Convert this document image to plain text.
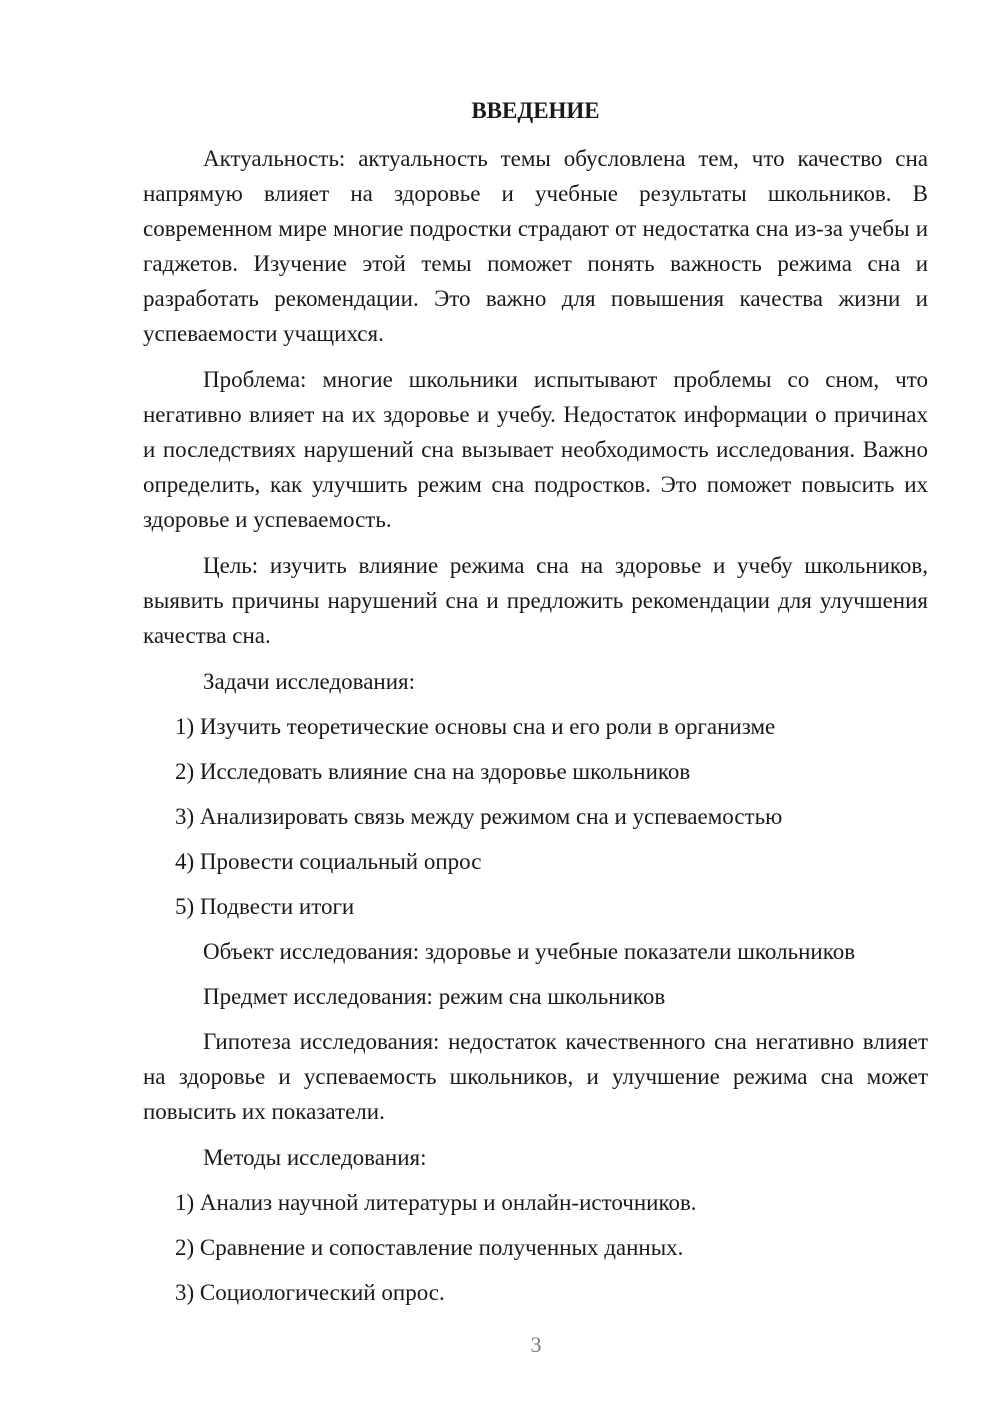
ВВЕДЕНИЕ
Актуальность: актуальность темы обусловлена тем, что качество сна напрямую влияет на здоровье и учебные результаты школьников. В современном мире многие подростки страдают от недостатка сна из-за учебы и гаджетов. Изучение этой темы поможет понять важность режима сна и разработать рекомендации. Это важно для повышения качества жизни и успеваемости учащихся.
Проблема: многие школьники испытывают проблемы со сном, что негативно влияет на их здоровье и учебу. Недостаток информации о причинах и последствиях нарушений сна вызывает необходимость исследования. Важно определить, как улучшить режим сна подростков. Это поможет повысить их здоровье и успеваемость.
Цель: изучить влияние режима сна на здоровье и учебу школьников, выявить причины нарушений сна и предложить рекомендации для улучшения качества сна.
Задачи исследования:
1) Изучить теоретические основы сна и его роли в организме
2) Исследовать влияние сна на здоровье школьников
3) Анализировать связь между режимом сна и успеваемостью
4) Провести социальный опрос
5) Подвести итоги
Объект исследования: здоровье и учебные показатели школьников
Предмет исследования: режим сна школьников
Гипотеза исследования: недостаток качественного сна негативно влияет на здоровье и успеваемость школьников, и улучшение режима сна может повысить их показатели.
Методы исследования:
1) Анализ научной литературы и онлайн-источников.
2) Сравнение и сопоставление полученных данных.
3) Социологический опрос.
3
